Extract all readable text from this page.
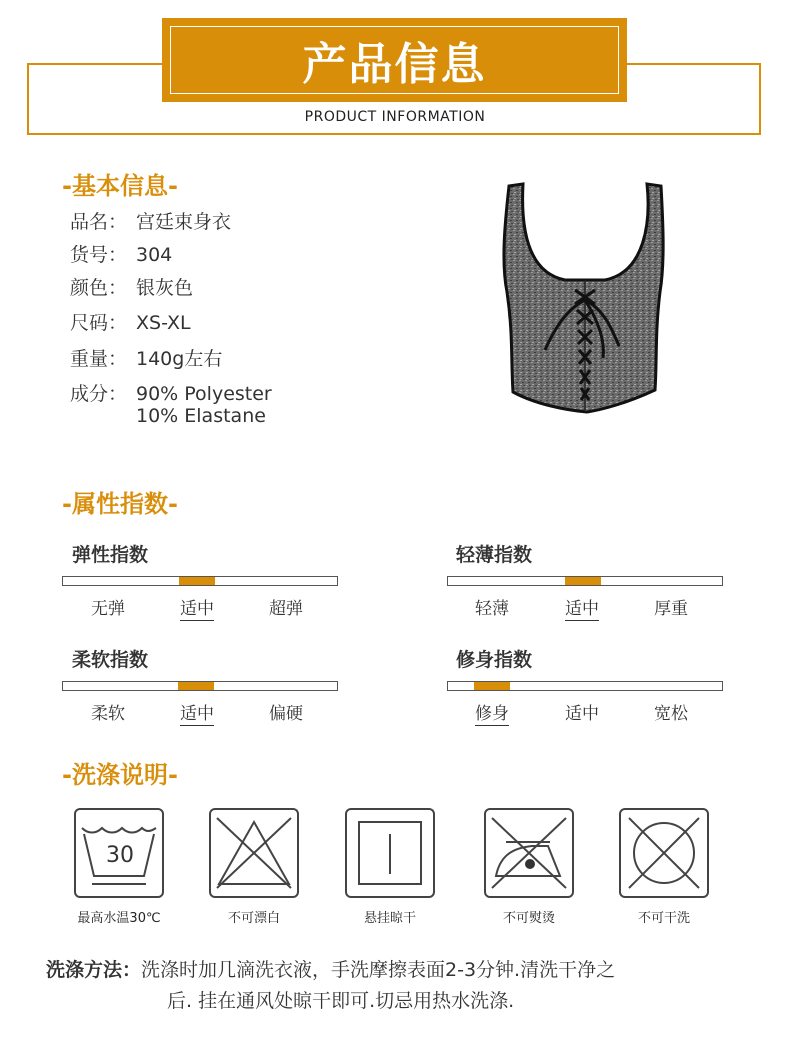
产品信息
PRODUCT INFORMATION
-基本信息-
品名： 宫廷束身衣
货号： 304
颜色： 银灰色
尺码： XS-XL
重量： 140g左右
成分： 90% Polyester
10% Elastane
-属性指数-
弹性指数
无弹	适中	超弹
轻薄指数
轻薄	适中	厚重
柔软指数
柔软	适中	偏硬
修身指数
修身	适中	宽松
-洗涤说明-
30
最高水温30℃	不可漂白	悬挂晾干	不可熨烫	不可干洗
洗涤方法：洗涤时加几滴洗衣液，手洗摩擦表面2-3分钟.清洗干净之
后. 挂在通风处晾干即可.切忌用热水洗涤.
